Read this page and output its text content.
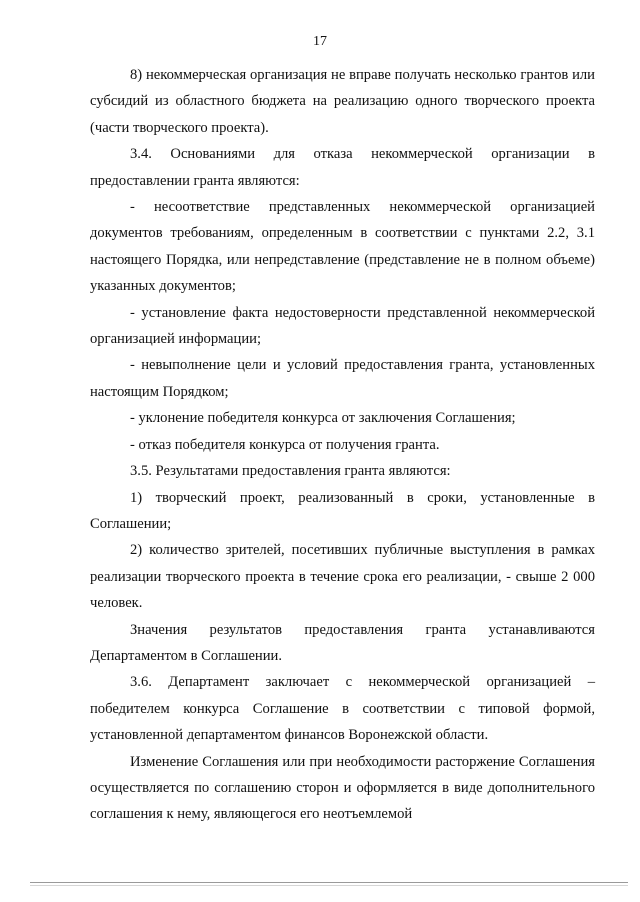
17

8) некоммерческая организация не вправе получать несколько грантов или субсидий из областного бюджета на реализацию одного творческого проекта (части творческого проекта).

3.4. Основаниями для отказа некоммерческой организации в предоставлении гранта являются:

- несоответствие представленных некоммерческой организацией документов требованиям, определенным в соответствии с пунктами 2.2, 3.1 настоящего Порядка, или непредставление (представление не в полном объеме) указанных документов;

- установление факта недостоверности представленной некоммерческой организацией информации;

- невыполнение цели и условий предоставления гранта, установленных настоящим Порядком;

- уклонение победителя конкурса от заключения Соглашения;

- отказ победителя конкурса от получения гранта.

3.5. Результатами предоставления гранта являются:

1) творческий проект, реализованный в сроки, установленные в Соглашении;

2) количество зрителей, посетивших публичные выступления в рамках реализации творческого проекта в течение срока его реализации, - свыше 2 000 человек.

Значения результатов предоставления гранта устанавливаются Департаментом в Соглашении.

3.6. Департамент заключает с некоммерческой организацией – победителем конкурса Соглашение в соответствии с типовой формой, установленной департаментом финансов Воронежской области.

Изменение Соглашения или при необходимости расторжение Соглашения осуществляется по соглашению сторон и оформляется в виде дополнительного соглашения к нему, являющегося его неотъемлемой
